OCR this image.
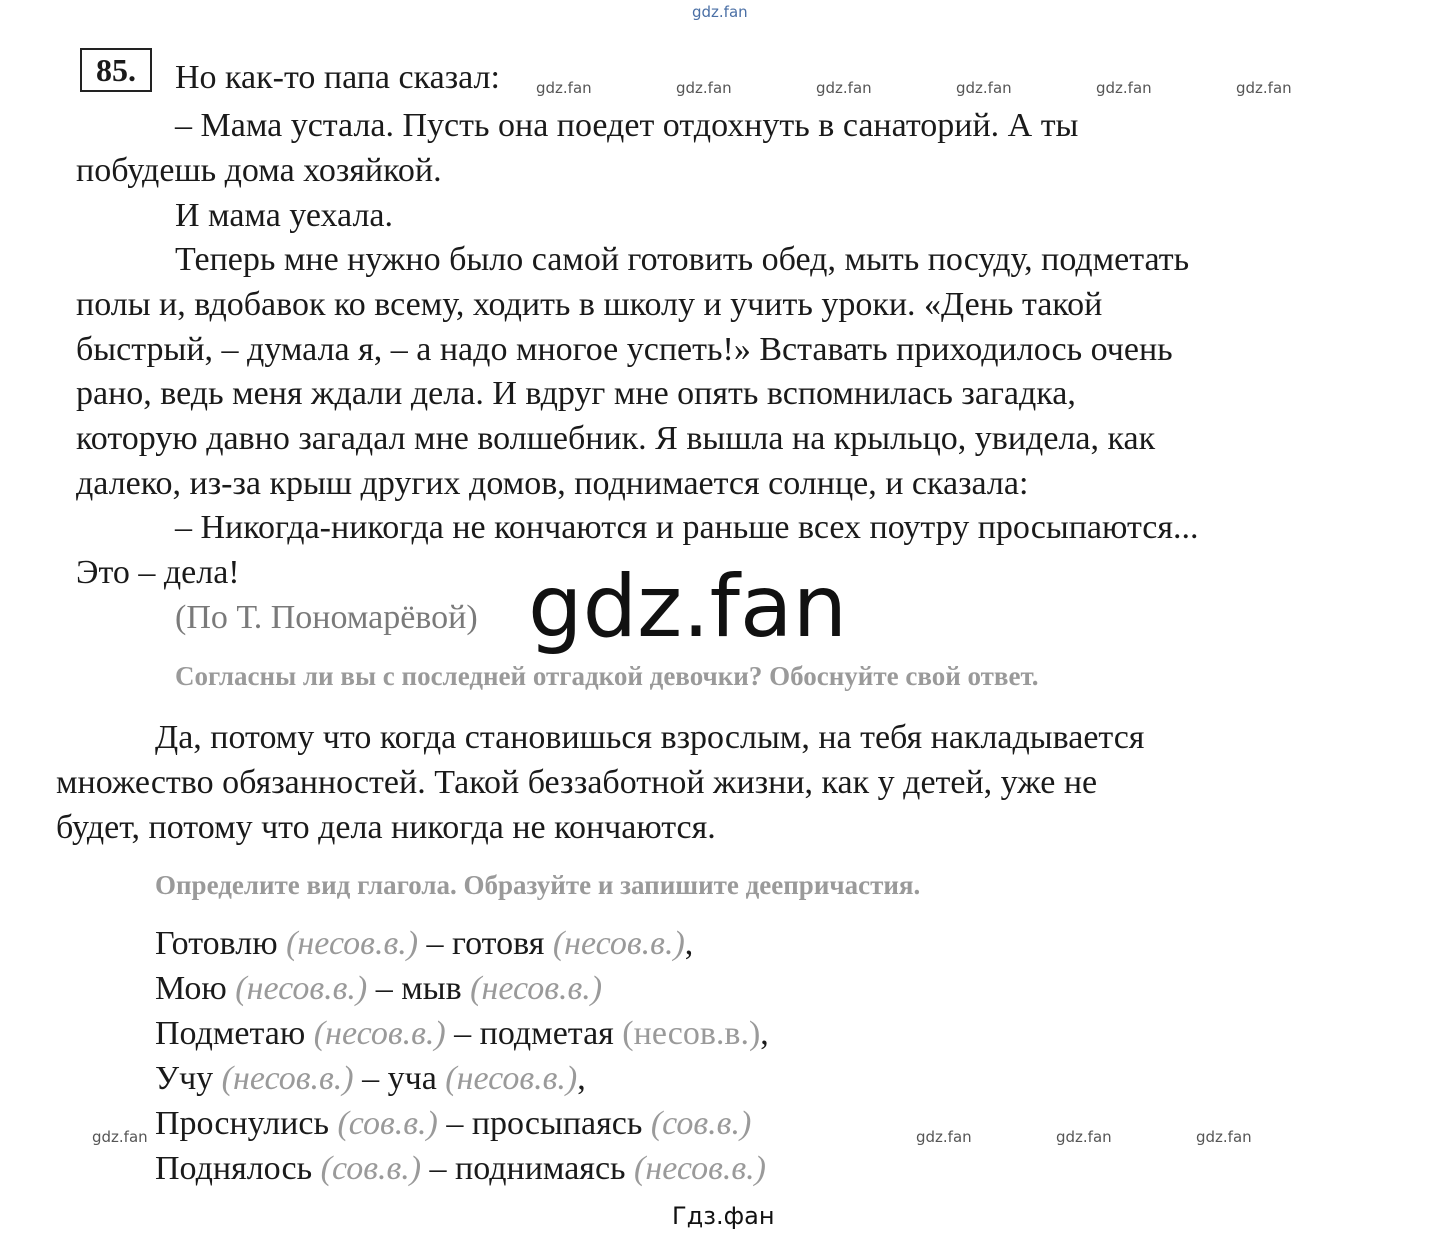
gdz.fan
85.	Но как-то папа сказал:
– Мама устала. Пусть она поедет отдохнуть в санаторий. А ты
побудешь дома хозяйкой.
И мама уехала.
Теперь мне нужно было самой готовить обед, мыть посуду, подметать
полы и, вдобавок ко всему, ходить в школу и учить уроки. «День такой
быстрый, – думала я, – а надо многое успеть!» Вставать приходилось очень
рано, ведь меня ждали дела. И вдруг мне опять вспомнилась загадка,
которую давно загадал мне волшебник. Я вышла на крыльцо, увидела, как
далеко, из-за крыш других домов, поднимается солнце, и сказала:
– Никогда-никогда не кончаются и раньше всех поутру просыпаются...
Это – дела!
(По Т. Пономарёвой)
gdz.fan	gdz.fan	gdz.fan	gdz.fan	gdz.fan	gdz.fan
gdz.fan
Согласны ли вы с последней отгадкой девочки? Обоснуйте свой ответ.
Да, потому что когда становишься взрослым, на тебя накладывается
множество обязанностей. Такой беззаботной жизни, как у детей, уже не
будет, потому что дела никогда не кончаются.
Определите вид глагола. Образуйте и запишите деепричастия.
Готовлю (несов.в.) – готовя (несов.в.),
Мою (несов.в.) – мыв (несов.в.)
Подметаю (несов.в.) – подметая (несов.в.),
Учу (несов.в.) – уча (несов.в.),
Проснулись (сов.в.) – просыпаясь (сов.в.)
Поднялось (сов.в.) – поднимаясь (несов.в.)
gdz.fan	gdz.fan	gdz.fan	gdz.fan
Гдз.фан
